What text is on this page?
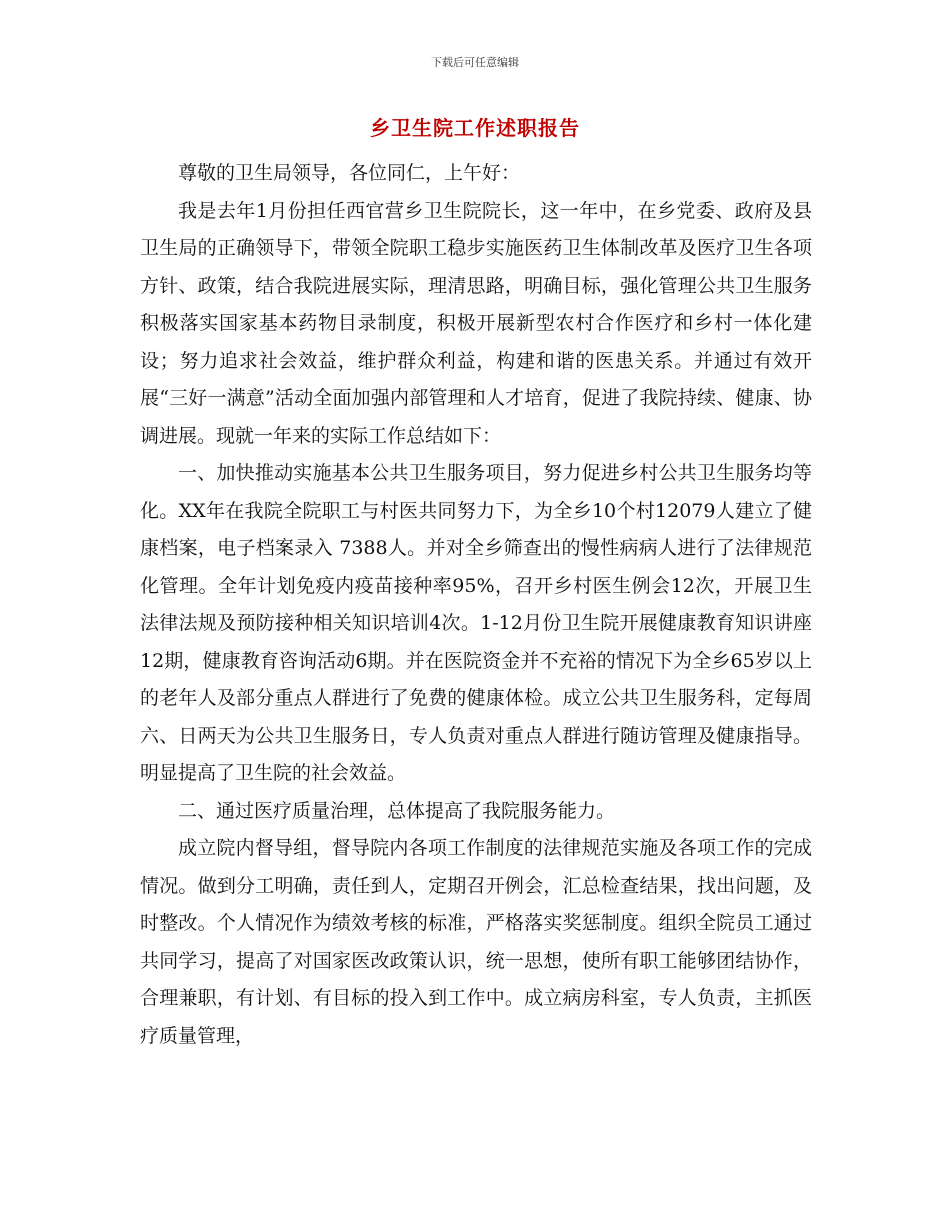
下载后可任意编辑
乡卫生院工作述职报告

尊敬的卫生局领导，各位同仁，上午好：

我是去年1月份担任西官营乡卫生院院长，这一年中，在乡党委、政府及县卫生局的正确领导下，带领全院职工稳步实施医药卫生体制改革及医疗卫生各项方针、政策，结合我院进展实际，理清思路，明确目标，强化管理公共卫生服务积极落实国家基本药物目录制度，积极开展新型农村合作医疗和乡村一体化建设；努力追求社会效益，维护群众利益，构建和谐的医患关系。并通过有效开展“三好一满意”活动全面加强内部管理和人才培育，促进了我院持续、健康、协调进展。现就一年来的实际工作总结如下：

一、加快推动实施基本公共卫生服务项目，努力促进乡村公共卫生服务均等化。XX年在我院全院职工与村医共同努力下，为全乡10个村12079人建立了健康档案，电子档案录入 7388人。并对全乡筛查出的慢性病病人进行了法律规范化管理。全年计划免疫内疫苗接种率95%，召开乡村医生例会12次，开展卫生法律法规及预防接种相关知识培训4次。1-12月份卫生院开展健康教育知识讲座12期，健康教育咨询活动6期。并在医院资金并不充裕的情况下为全乡65岁以上的老年人及部分重点人群进行了免费的健康体检。成立公共卫生服务科，定每周六、日两天为公共卫生服务日，专人负责对重点人群进行随访管理及健康指导。明显提高了卫生院的社会效益。

二、通过医疗质量治理，总体提高了我院服务能力。

成立院内督导组，督导院内各项工作制度的法律规范实施及各项工作的完成情况。做到分工明确，责任到人，定期召开例会，汇总检查结果，找出问题，及时整改。个人情况作为绩效考核的标准，严格落实奖惩制度。组织全院员工通过共同学习，提高了对国家医改政策认识，统一思想，使所有职工能够团结协作，合理兼职，有计划、有目标的投入到工作中。成立病房科室，专人负责，主抓医疗质量管理，
